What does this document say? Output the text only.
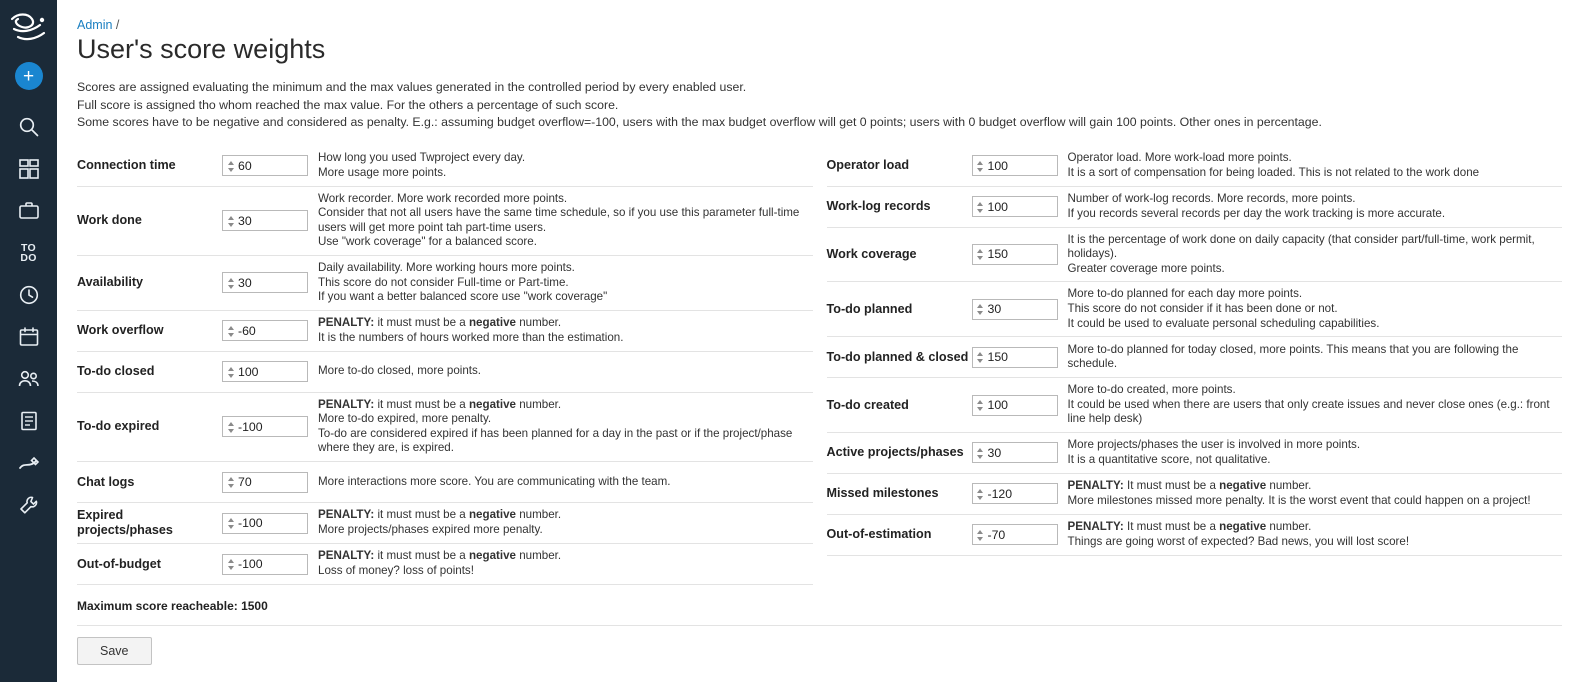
+
TO
DO
Admin /
User's score weights
Scores are assigned evaluating the minimum and the max values generated in the controlled period by every enabled user.
Full score is assigned tho whom reached the max value. For the others a percentage of such score.
Some scores have to be negative and considered as penalty. E.g.: assuming budget overflow=-100, users with the max budget overflow will get 0 points; users with 0 budget overflow will gain 100 points. Other ones in percentage.
Connection time
60
How long you used Twproject every day.
More usage more points.
Work done
30
Work recorder. More work recorded more points.
Consider that not all users have the same time schedule, so if you use this parameter full-time users will get more point tah part-time users.
Use "work coverage" for a balanced score.
Availability
30
Daily availability. More working hours more points.
This score do not consider Full-time or Part-time.
If you want a better balanced score use "work coverage"
Work overflow
-60
PENALTY: it must must be a negative number.
It is the numbers of hours worked more than the estimation.
To-do closed
100	More to-do closed, more points.
To-do expired
-100
PENALTY: it must must be a negative number.
More to-do expired, more penalty.
To-do are considered expired if has been planned for a day in the past or if the project/phase where they are, is expired.
Chat logs
70	More interactions more score. You are communicating with the team.
Expired projects/phases
-100
PENALTY: it must must be a negative number.
More projects/phases expired more penalty.
Out-of-budget
-100
PENALTY: it must must be a negative number.
Loss of money? loss of points!
Operator load
100
Operator load. More work-load more points.
It is a sort of compensation for being loaded. This is not related to the work done
Work-log records
100
Number of work-log records. More records, more points.
If you records several records per day the work tracking is more accurate.
Work coverage
150
It is the percentage of work done on daily capacity (that consider part/full-time, work permit, holidays).
Greater coverage more points.
To-do planned
30
More to-do planned for each day more points.
This score do not consider if it has been done or not.
It could be used to evaluate personal scheduling capabilities.
To-do planned & closed
150
More to-do planned for today closed, more points. This means that you are following the schedule.
To-do created
100
More to-do created, more points.
It could be used when there are users that only create issues and never close ones (e.g.: front line help desk)
Active projects/phases
30
More projects/phases the user is involved in more points.
It is a quantitative score, not qualitative.
Missed milestones
-120
PENALTY: It must must be a negative number.
More milestones missed more penalty. It is the worst event that could happen on a project!
Out-of-estimation
-70
PENALTY: It must must be a negative number.
Things are going worst of expected? Bad news, you will lost score!
Maximum score reacheable: 1500
Save
